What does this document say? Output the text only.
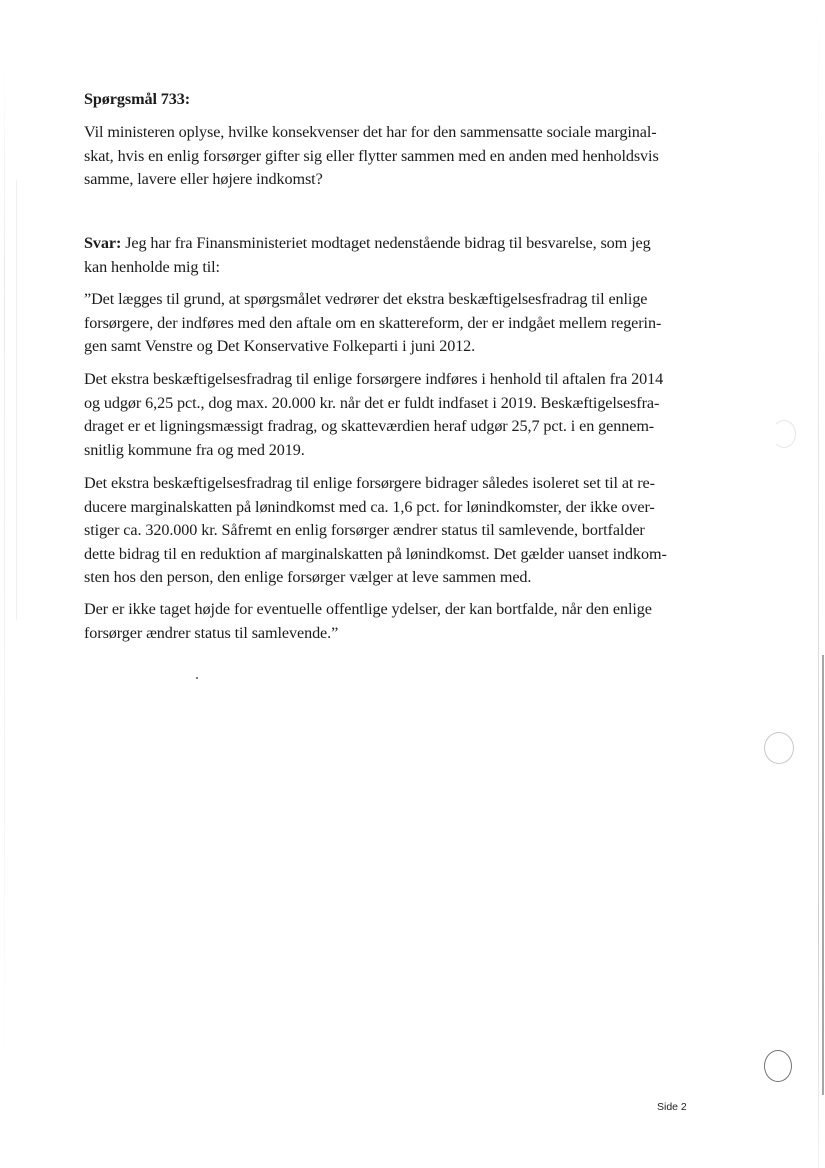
Spørgsmål 733:
Vil ministeren oplyse, hvilke konsekvenser det har for den sammensatte sociale marginal-
skat, hvis en enlig forsørger gifter sig eller flytter sammen med en anden med henholdsvis
samme, lavere eller højere indkomst?
Svar: Jeg har fra Finansministeriet modtaget nedenstående bidrag til besvarelse, som jeg
kan henholde mig til:
”Det lægges til grund, at spørgsmålet vedrører det ekstra beskæftigelsesfradrag til enlige
forsørgere, der indføres med den aftale om en skattereform, der er indgået mellem regerin-
gen samt Venstre og Det Konservative Folkeparti i juni 2012.
Det ekstra beskæftigelsesfradrag til enlige forsørgere indføres i henhold til aftalen fra 2014
og udgør 6,25 pct., dog max. 20.000 kr. når det er fuldt indfaset i 2019. Beskæftigelsesfra-
draget er et ligningsmæssigt fradrag, og skatteværdien heraf udgør 25,7 pct. i en gennem-
snitlig kommune fra og med 2019.
Det ekstra beskæftigelsesfradrag til enlige forsørgere bidrager således isoleret set til at re-
ducere marginalskatten på lønindkomst med ca. 1,6 pct. for lønindkomster, der ikke over-
stiger ca. 320.000 kr. Såfremt en enlig forsørger ændrer status til samlevende, bortfalder
dette bidrag til en reduktion af marginalskatten på lønindkomst. Det gælder uanset indkom-
sten hos den person, den enlige forsørger vælger at leve sammen med.
Der er ikke taget højde for eventuelle offentlige ydelser, der kan bortfalde, når den enlige
forsørger ændrer status til samlevende.”
Side 2
